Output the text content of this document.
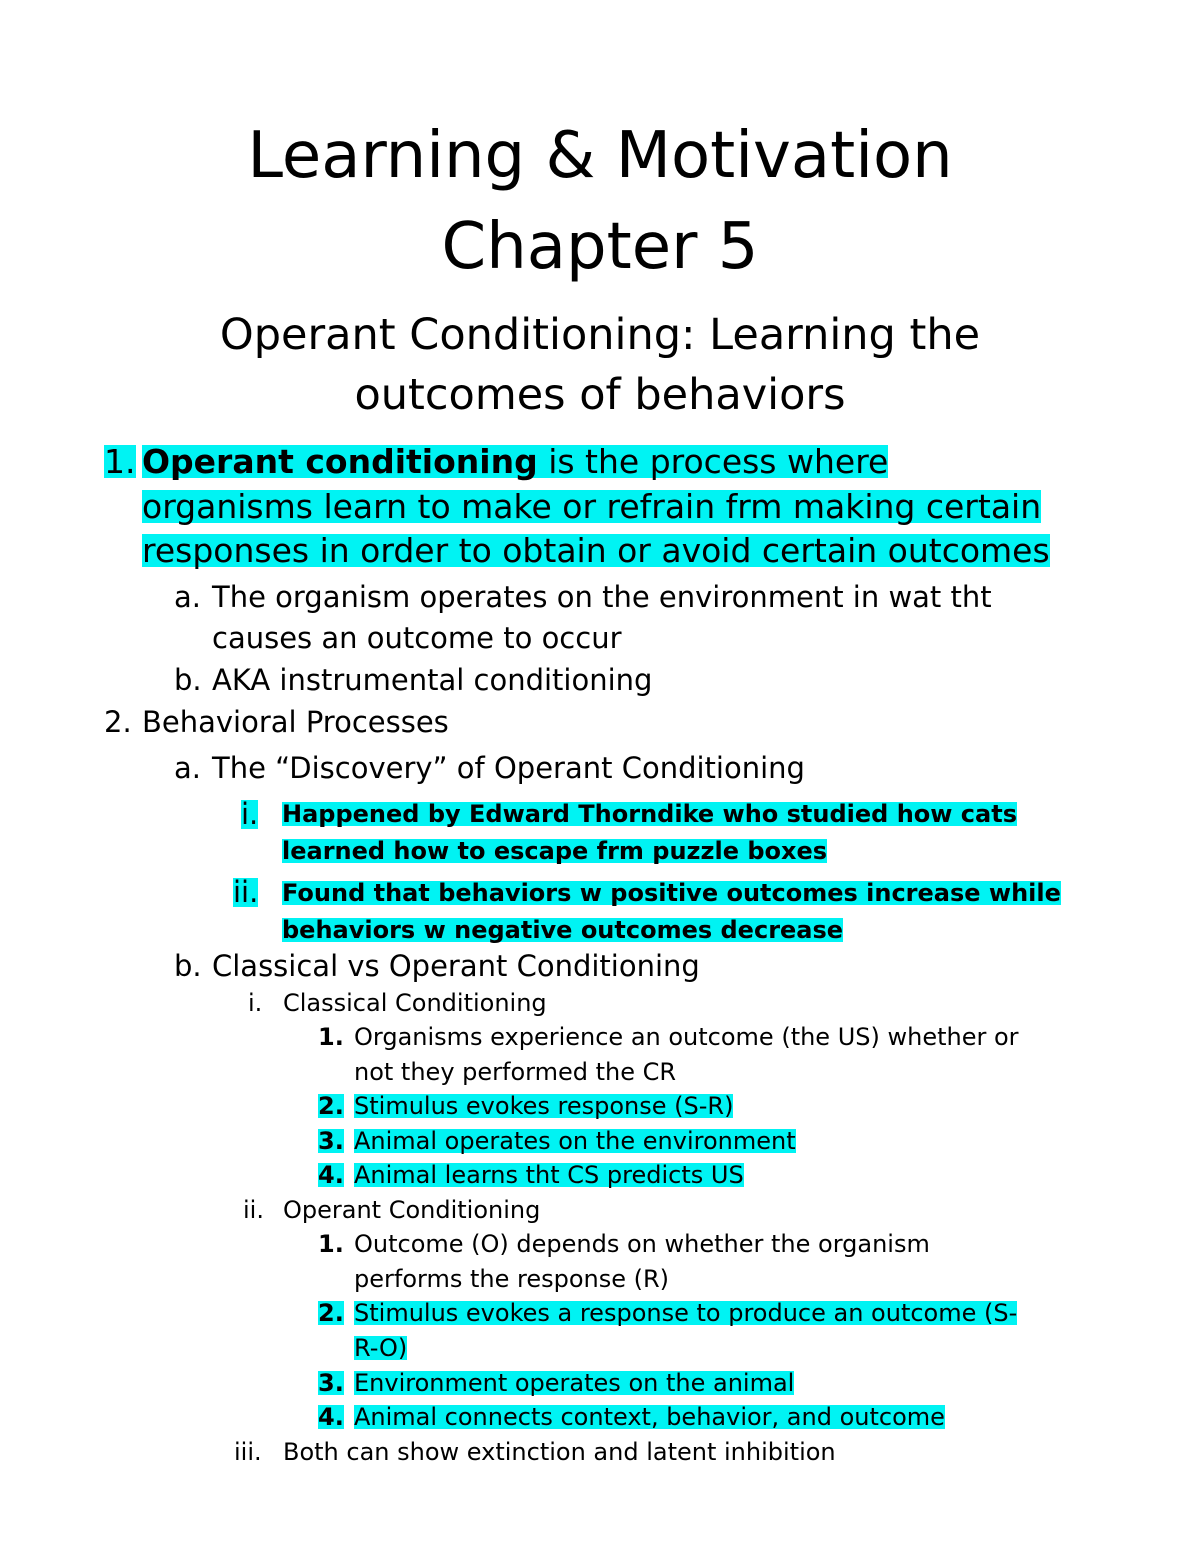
Learning & Motivation
Chapter 5
Operant Conditioning: Learning the
outcomes of behaviors
1. Operant conditioning is the process where
organisms learn to make or refrain frm making certain
responses in order to obtain or avoid certain outcomes
a. The organism operates on the environment in wat tht
causes an outcome to occur
b. AKA instrumental conditioning
2. Behavioral Processes
a. The “Discovery” of Operant Conditioning
i. Happened by Edward Thorndike who studied how cats
learned how to escape frm puzzle boxes
ii. Found that behaviors w positive outcomes increase while
behaviors w negative outcomes decrease
b. Classical vs Operant Conditioning
i. Classical Conditioning
1. Organisms experience an outcome (the US) whether or
not they performed the CR
2. Stimulus evokes response (S-R)
3. Animal operates on the environment
4. Animal learns tht CS predicts US
ii. Operant Conditioning
1. Outcome (O) depends on whether the organism
performs the response (R)
2. Stimulus evokes a response to produce an outcome (S-
R-O)
3. Environment operates on the animal
4. Animal connects context, behavior, and outcome
iii. Both can show extinction and latent inhibition
